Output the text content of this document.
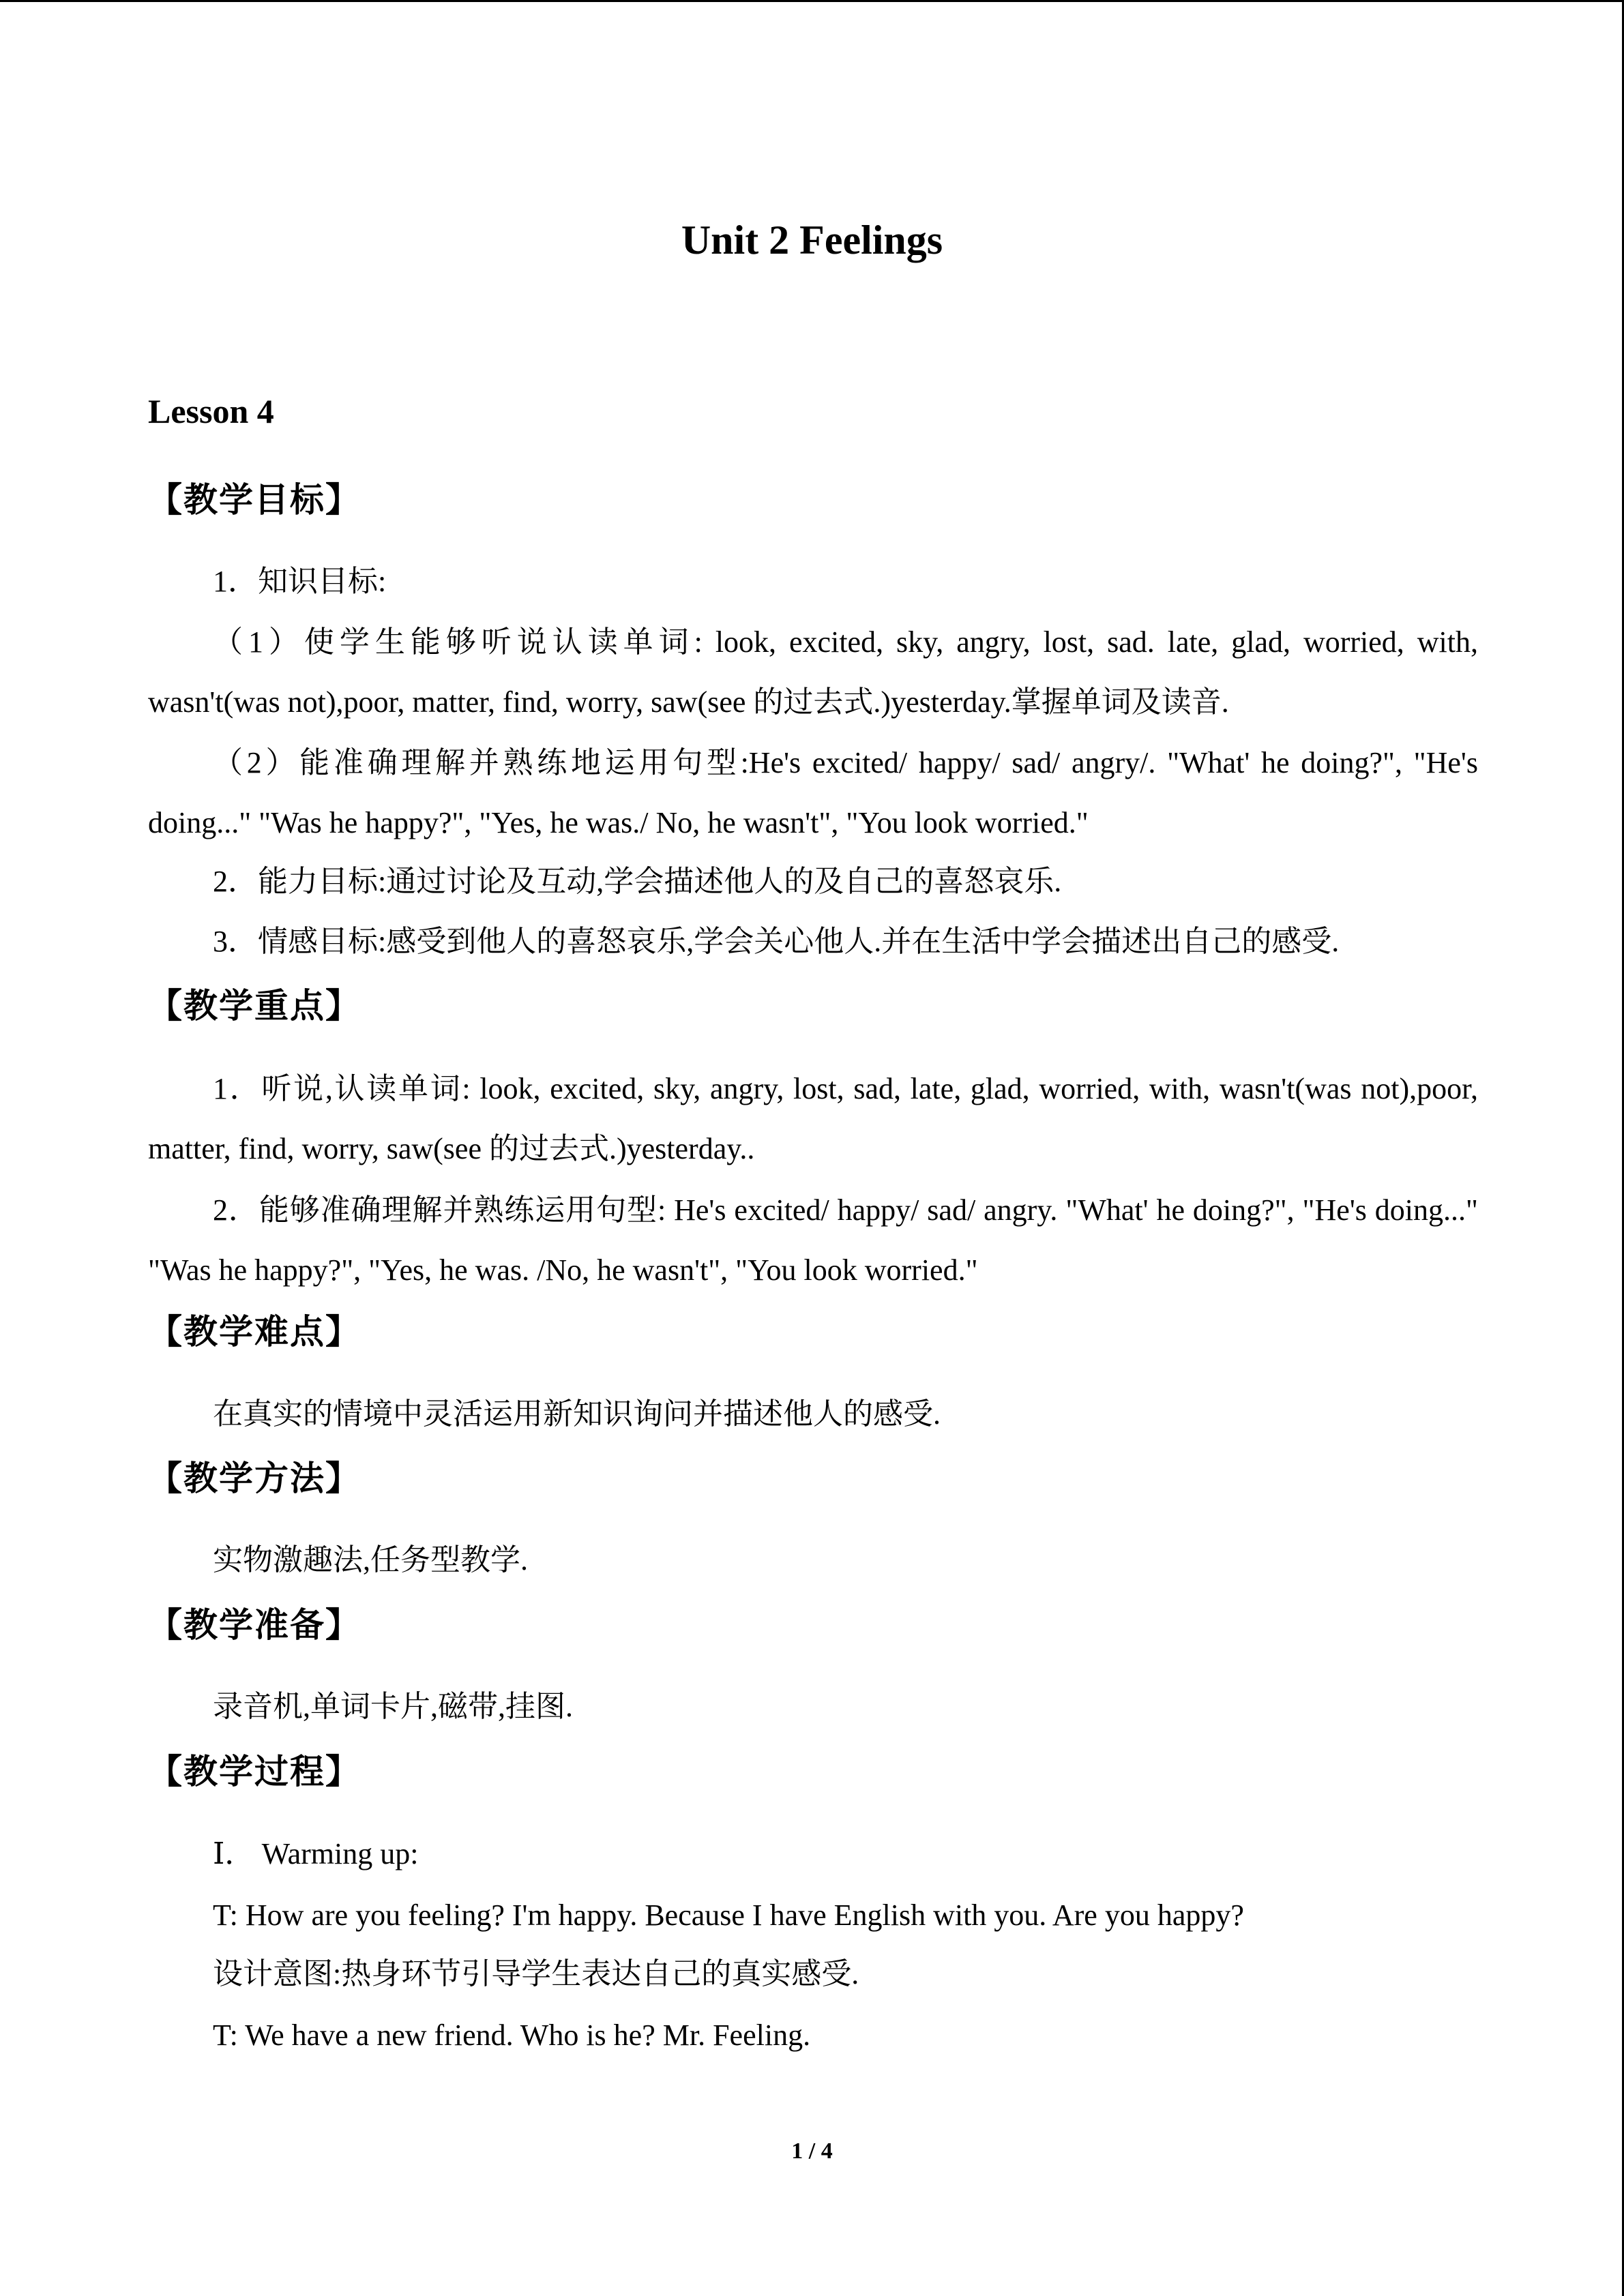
Unit 2 Feelings
Lesson 4
【教学目标】
1．知识目标:
（1）使学生能够听说认读单词: look, excited, sky, angry, lost, sad. late, glad, worried, with, wasn't(was not),poor, matter, find, worry, saw(see 的过去式.)yesterday.掌握单词及读音.
（2）能准确理解并熟练地运用句型:He's excited/ happy/ sad/ angry/. "What' he doing?", "He's doing..." "Was he happy?", "Yes, he was./ No, he wasn't", "You look worried."
2．能力目标:通过讨论及互动,学会描述他人的及自己的喜怒哀乐.
3．情感目标:感受到他人的喜怒哀乐,学会关心他人.并在生活中学会描述出自己的感受.
【教学重点】
1．听说,认读单词: look, excited, sky, angry, lost, sad, late, glad, worried, with, wasn't(was not),poor, matter, find, worry, saw(see 的过去式.)yesterday..
2．能够准确理解并熟练运用句型: He's excited/ happy/ sad/ angry. "What' he doing?", "He's doing..." "Was he happy?", "Yes, he was. /No, he wasn't", "You look worried."
【教学难点】
在真实的情境中灵活运用新知识询问并描述他人的感受.
【教学方法】
实物激趣法,任务型教学.
【教学准备】
录音机,单词卡片,磁带,挂图.
【教学过程】
Ⅰ． Warming up:
T: How are you feeling? I'm happy. Because I have English with you. Are you happy?
设计意图:热身环节引导学生表达自己的真实感受.
T: We have a new friend. Who is he? Mr. Feeling.
1 / 4
